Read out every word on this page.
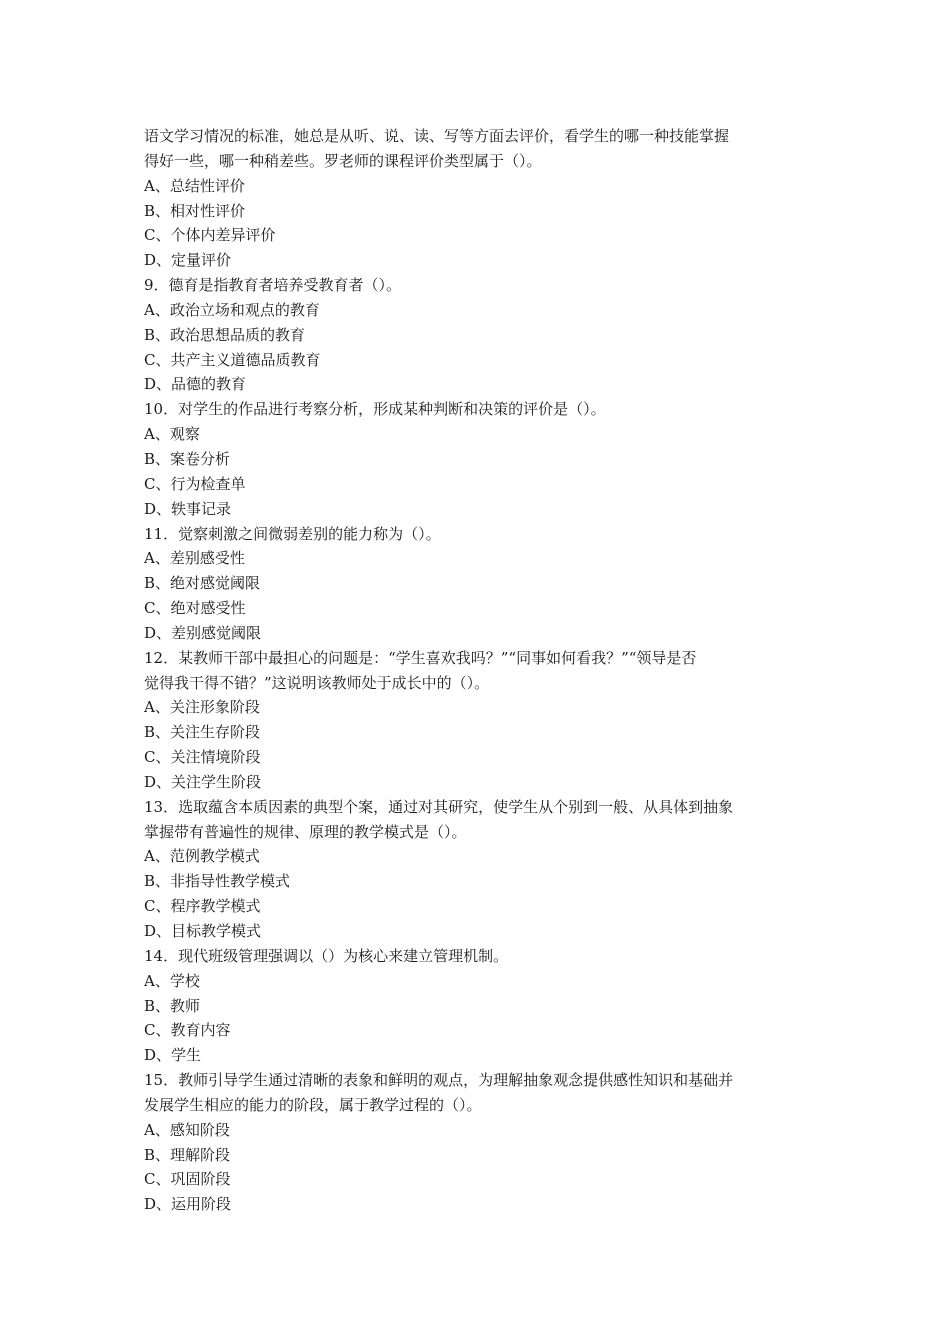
语文学习情况的标准，她总是从听、说、读、写等方面去评价，看学生的哪一种技能掌握
得好一些，哪一种稍差些。罗老师的课程评价类型属于（）。
A、总结性评价
B、相对性评价
C、个体内差异评价
D、定量评价
9．德育是指教育者培养受教育者（）。
A、政治立场和观点的教育
B、政治思想品质的教育
C、共产主义道德品质教育
D、品德的教育
10．对学生的作品进行考察分析，形成某种判断和决策的评价是（）。
A、观察
B、案卷分析
C、行为检查单
D、轶事记录
11．觉察刺激之间微弱差别的能力称为（）。
A、差别感受性
B、绝对感觉阈限
C、绝对感受性
D、差别感觉阈限
12．某教师干部中最担心的问题是：“学生喜欢我吗？”“同事如何看我？”“领导是否
觉得我干得不错？”这说明该教师处于成长中的（）。
A、关注形象阶段
B、关注生存阶段
C、关注情境阶段
D、关注学生阶段
13．选取蕴含本质因素的典型个案，通过对其研究，使学生从个别到一般、从具体到抽象
掌握带有普遍性的规律、原理的教学模式是（）。
A、范例教学模式
B、非指导性教学模式
C、程序教学模式
D、目标教学模式
14．现代班级管理强调以（）为核心来建立管理机制。
A、学校
B、教师
C、教育内容
D、学生
15．教师引导学生通过清晰的表象和鲜明的观点，为理解抽象观念提供感性知识和基础并
发展学生相应的能力的阶段，属于教学过程的（）。
A、感知阶段
B、理解阶段
C、巩固阶段
D、运用阶段
